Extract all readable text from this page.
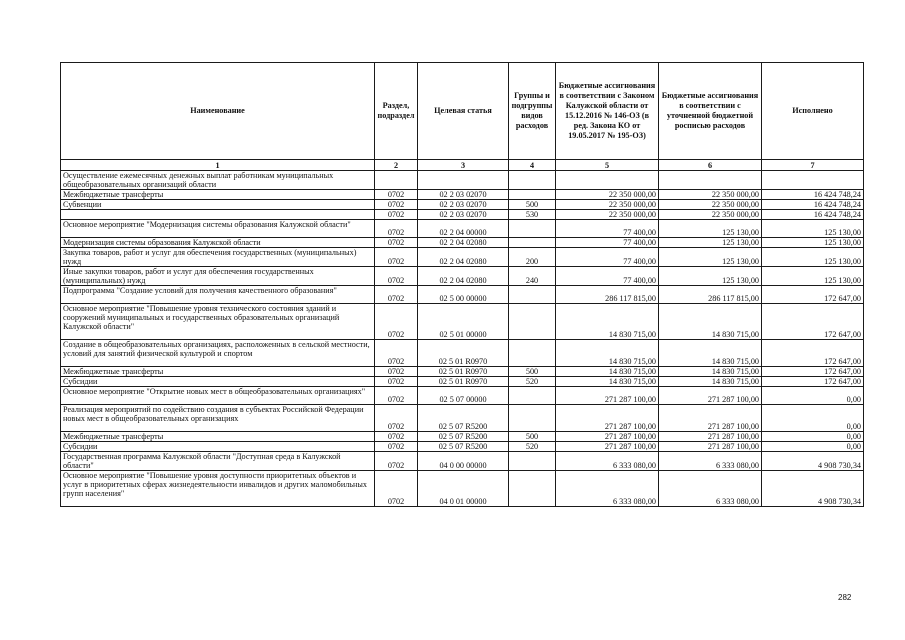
Наименование	Раздел, подраздел	Целевая статья	Группы и подгруппы видов расходов	Бюджетные ассигнования в соответствии с Законом Калужской области от 15.12.2016 № 146-ОЗ (в ред. Закона КО от 19.05.2017 № 195-ОЗ)	Бюджетные ассигнования в соответствии с уточненной бюджетной росписью расходов	Исполнено
1	2	3	4	5	6	7
Осуществление ежемесячных денежных выплат работникам муниципальных общеобразовательных организаций области						
Межбюджетные трансферты	0702	02 2 03 02070		22 350 000,00	22 350 000,00	16 424 748,24
Субвенции	0702	02 2 03 02070	500	22 350 000,00	22 350 000,00	16 424 748,24
	0702	02 2 03 02070	530	22 350 000,00	22 350 000,00	16 424 748,24
Основное мероприятие "Модернизация системы образования Калужской области"	0702	02 2 04 00000		77 400,00	125 130,00	125 130,00
Модернизация системы образования Калужской области	0702	02 2 04 02080		77 400,00	125 130,00	125 130,00
Закупка товаров, работ и услуг для обеспечения государственных (муниципальных) нужд	0702	02 2 04 02080	200	77 400,00	125 130,00	125 130,00
Иные закупки товаров, работ и услуг для обеспечения государственных (муниципальных) нужд	0702	02 2 04 02080	240	77 400,00	125 130,00	125 130,00
Подпрограмма "Создание условий для получения качественного образования"	0702	02 5 00 00000		286 117 815,00	286 117 815,00	172 647,00
Основное мероприятие "Повышение уровня технического состояния зданий и сооружений муниципальных и государственных образовательных организаций Калужской области"	0702	02 5 01 00000		14 830 715,00	14 830 715,00	172 647,00
Создание в общеобразовательных организациях, расположенных в сельской местности, условий для занятий физической культурой и спортом	0702	02 5 01 R0970		14 830 715,00	14 830 715,00	172 647,00
Межбюджетные трансферты	0702	02 5 01 R0970	500	14 830 715,00	14 830 715,00	172 647,00
Субсидии	0702	02 5 01 R0970	520	14 830 715,00	14 830 715,00	172 647,00
Основное мероприятие "Открытие новых мест в общеобразовательных организациях"	0702	02 5 07 00000		271 287 100,00	271 287 100,00	0,00
Реализация мероприятий по содействию создания в субъектах Российской Федерации новых мест в общеобразовательных организациях	0702	02 5 07 R5200		271 287 100,00	271 287 100,00	0,00
Межбюджетные трансферты	0702	02 5 07 R5200	500	271 287 100,00	271 287 100,00	0,00
Субсидии	0702	02 5 07 R5200	520	271 287 100,00	271 287 100,00	0,00
Государственная программа Калужской области "Доступная среда в Калужской области"	0702	04 0 00 00000		6 333 080,00	6 333 080,00	4 908 730,34
Основное мероприятие "Повышение уровня доступности приоритетных объектов и услуг в приоритетных сферах жизнедеятельности инвалидов и других маломобильных групп населения"	0702	04 0 01 00000		6 333 080,00	6 333 080,00	4 908 730,34
282
